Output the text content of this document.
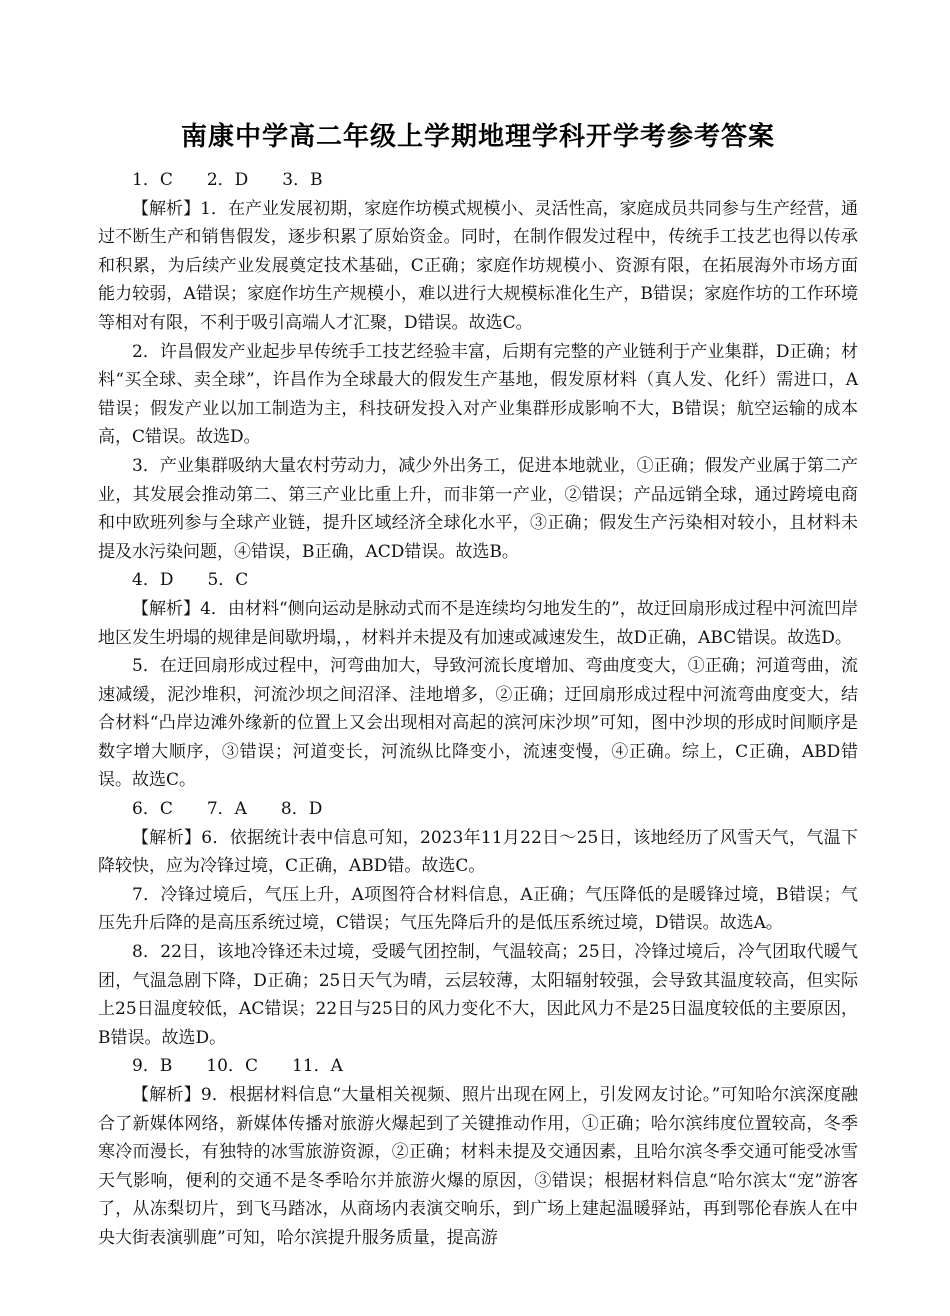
南康中学高二年级上学期地理学科开学考参考答案
1．C　　2．D　　3．B

【解析】1．在产业发展初期，家庭作坊模式规模小、灵活性高，家庭成员共同参与生产经营，通过不断生产和销售假发，逐步积累了原始资金。同时，在制作假发过程中，传统手工技艺也得以传承和积累，为后续产业发展奠定技术基础，C正确；家庭作坊规模小、资源有限，在拓展海外市场方面能力较弱，A错误；家庭作坊生产规模小，难以进行大规模标准化生产，B错误；家庭作坊的工作环境等相对有限，不利于吸引高端人才汇聚，D错误。故选C。

2．许昌假发产业起步早传统手工技艺经验丰富，后期有完整的产业链利于产业集群，D正确；材料“买全球、卖全球”，许昌作为全球最大的假发生产基地，假发原材料（真人发、化纤）需进口，A错误；假发产业以加工制造为主，科技研发投入对产业集群形成影响不大，B错误；航空运输的成本高，C错误。故选D。

3．产业集群吸纳大量农村劳动力，减少外出务工，促进本地就业，①正确；假发产业属于第二产业，其发展会推动第二、第三产业比重上升，而非第一产业，②错误；产品远销全球，通过跨境电商和中欧班列参与全球产业链，提升区域经济全球化水平，③正确；假发生产污染相对较小，且材料未提及水污染问题，④错误，B正确，ACD错误。故选B。

4．D　　5．C

【解析】4．由材料“侧向运动是脉动式而不是连续均匀地发生的”，故迂回扇形成过程中河流凹岸地区发生坍塌的规律是间歇坍塌，，材料并未提及有加速或减速发生，故D正确，ABC错误。故选D。

5．在迂回扇形成过程中，河弯曲加大，导致河流长度增加、弯曲度变大，①正确；河道弯曲，流速减缓，泥沙堆积，河流沙坝之间沼泽、洼地增多，②正确；迂回扇形成过程中河流弯曲度变大，结合材料“凸岸边滩外缘新的位置上又会出现相对高起的滨河床沙坝”可知，图中沙坝的形成时间顺序是数字增大顺序，③错误；河道变长，河流纵比降变小，流速变慢，④正确。综上，C正确，ABD错误。故选C。

6．C　　7．A　　8．D

【解析】6．依据统计表中信息可知，2023年11月22日～25日，该地经历了风雪天气，气温下降较快，应为冷锋过境，C正确，ABD错。故选C。

7．冷锋过境后，气压上升，A项图符合材料信息，A正确；气压降低的是暖锋过境，B错误；气压先升后降的是高压系统过境，C错误；气压先降后升的是低压系统过境，D错误。故选A。

8．22日，该地冷锋还未过境，受暖气团控制，气温较高；25日，冷锋过境后，冷气团取代暖气团，气温急剧下降，D正确；25日天气为晴，云层较薄，太阳辐射较强，会导致其温度较高，但实际上25日温度较低，AC错误；22日与25日的风力变化不大，因此风力不是25日温度较低的主要原因，B错误。故选D。

9．B　　10．C　　11．A

【解析】9．根据材料信息“大量相关视频、照片出现在网上，引发网友讨论。”可知哈尔滨深度融合了新媒体网络，新媒体传播对旅游火爆起到了关键推动作用，①正确；哈尔滨纬度位置较高，冬季寒冷而漫长，有独特的冰雪旅游资源，②正确；材料未提及交通因素，且哈尔滨冬季交通可能受冰雪天气影响，便利的交通不是冬季哈尔并旅游火爆的原因，③错误；根据材料信息“哈尔滨太“宠”游客了，从冻梨切片，到飞马踏冰，从商场内表演交响乐，到广场上建起温暖驿站，再到鄂伦春族人在中央大街表演驯鹿”可知，哈尔滨提升服务质量，提高游
